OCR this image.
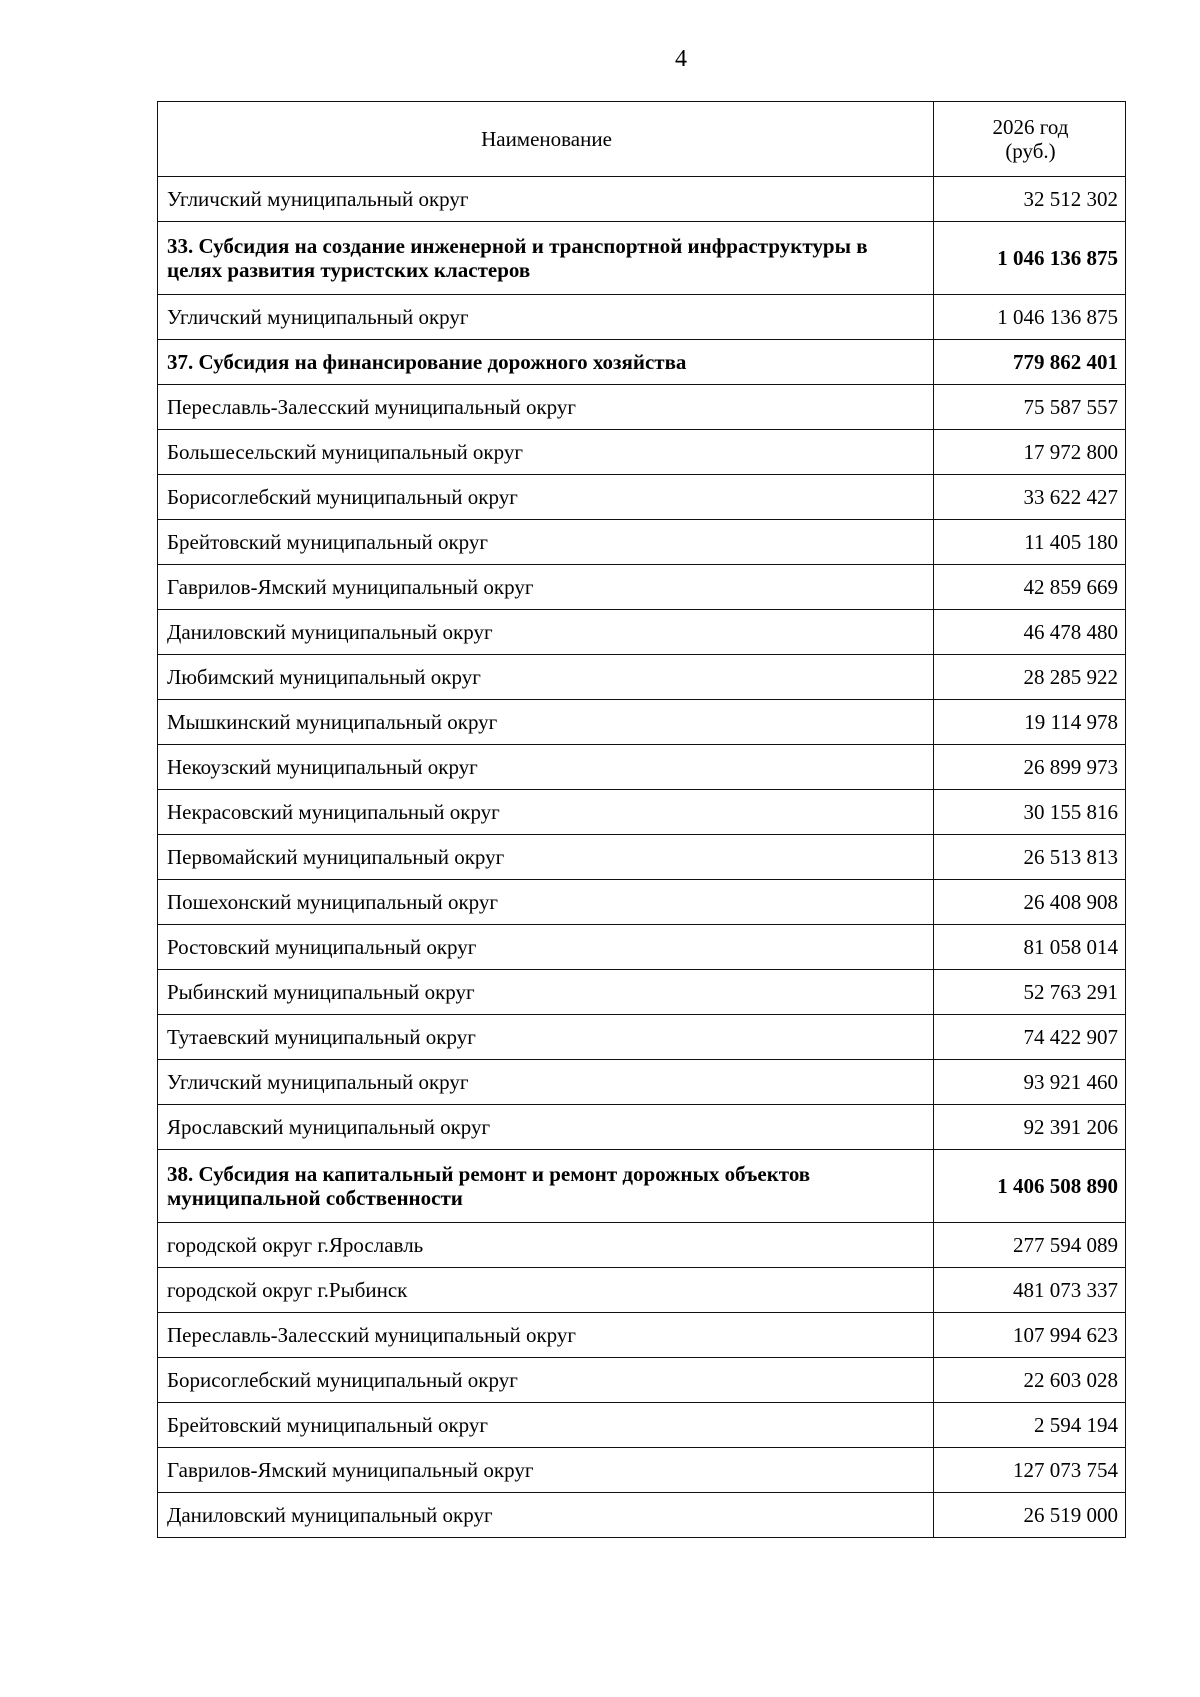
4
Наименование	2026 год
(руб.)

Угличский муниципальный округ	32 512 302
33. Субсидия на создание инженерной и транспортной инфраструктуры в целях развития туристских кластеров	1 046 136 875
Угличский муниципальный округ	1 046 136 875
37. Субсидия на финансирование дорожного хозяйства	779 862 401
Переславль-Залесский муниципальный округ	75 587 557
Большесельский муниципальный округ	17 972 800
Борисоглебский муниципальный округ	33 622 427
Брейтовский муниципальный округ	11 405 180
Гаврилов-Ямский муниципальный округ	42 859 669
Даниловский муниципальный округ	46 478 480
Любимский муниципальный округ	28 285 922
Мышкинский муниципальный округ	19 114 978
Некоузский муниципальный округ	26 899 973
Некрасовский муниципальный округ	30 155 816
Первомайский муниципальный округ	26 513 813
Пошехонский муниципальный округ	26 408 908
Ростовский муниципальный округ	81 058 014
Рыбинский муниципальный округ	52 763 291
Тутаевский муниципальный округ	74 422 907
Угличский муниципальный округ	93 921 460
Ярославский муниципальный округ	92 391 206
38. Субсидия на капитальный ремонт и ремонт дорожных объектов муниципальной собственности	1 406 508 890
городской округ г.Ярославль	277 594 089
городской округ г.Рыбинск	481 073 337
Переславль-Залесский муниципальный округ	107 994 623
Борисоглебский муниципальный округ	22 603 028
Брейтовский муниципальный округ	2 594 194
Гаврилов-Ямский муниципальный округ	127 073 754
Даниловский муниципальный округ	26 519 000
